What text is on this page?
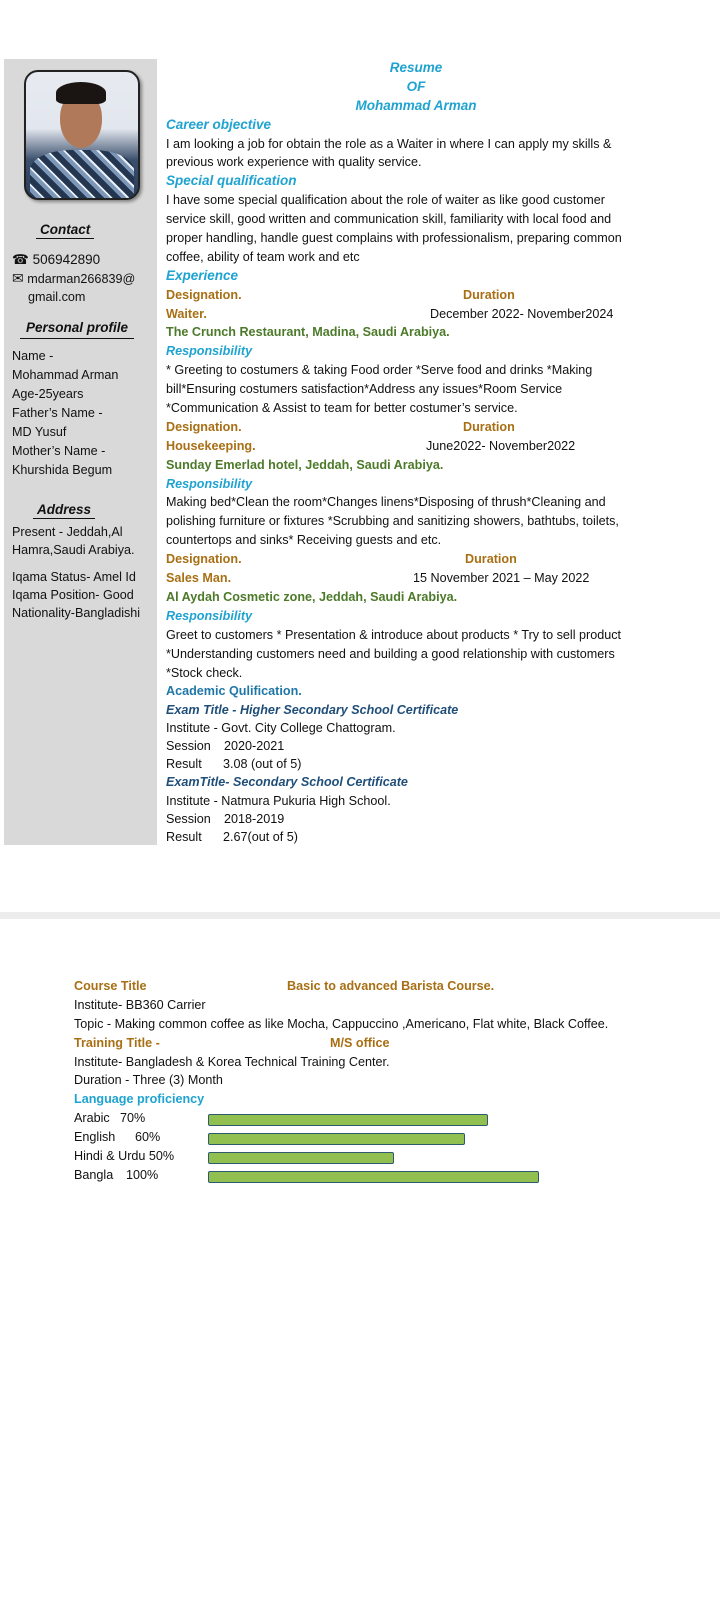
Contact
☎ 506942890
✉ mdarman266839@
gmail.com
Personal profile
Name -
Mohammad Arman
Age-25years
Father’s Name -
MD Yusuf
Mother’s Name -
Khurshida Begum
Address
Present - Jeddah,Al
Hamra,Saudi Arabiya.
Iqama Status- Amel Id
Iqama Position- Good
Nationality-Bangladishi
Resume
OF
Mohammad Arman
Career objective
I am looking a job for obtain the role as a Waiter in where I can apply my skills &
previous work experience with quality service.
Special qualification
I have some special qualification about the role of waiter as like good customer
service skill, good written and communication skill, familiarity with local food and
proper handling, handle guest complains with professionalism, preparing common
coffee, ability of team work and etc
Experience
Designation.	Duration
Waiter.	December 2022- November2024
The Crunch Restaurant, Madina, Saudi Arabiya.
Responsibility
* Greeting to costumers & taking Food order *Serve food and drinks *Making
bill*Ensuring costumers satisfaction*Address any issues*Room Service
*Communication & Assist to team for better costumer’s service.
Designation.	Duration
Housekeeping.	June2022- November2022
Sunday Emerlad hotel, Jeddah, Saudi Arabiya.
Responsibility
Making bed*Clean the room*Changes linens*Disposing of thrush*Cleaning and
polishing furniture or fixtures *Scrubbing and sanitizing showers, bathtubs, toilets,
countertops and sinks* Receiving guests and etc.
Designation.	Duration
Sales Man.	15 November 2021 – May 2022
Al Aydah Cosmetic zone, Jeddah, Saudi Arabiya.
Responsibility
Greet to customers * Presentation & introduce about products * Try to sell product
*Understanding customers need and building a good relationship with customers
*Stock check.
Academic Qulification.
Exam Title - Higher Secondary School Certificate
Institute - Govt. City College Chattogram.
Session 2020-2021
Result 3.08 (out of 5)
ExamTitle- Secondary School Certificate
Institute - Natmura Pukuria High School.
Session 2018-2019
Result 2.67(out of 5)
Course Title	Basic to advanced Barista Course.
Institute- BB360 Carrier
Topic - Making common coffee as like Mocha, Cappuccino ,Americano, Flat white, Black Coffee.
Training Title -	M/S office
Institute- Bangladesh & Korea Technical Training Center.
Duration - Three (3) Month
Language proficiency
Arabic 70%
English 60%
Hindi & Urdu 50%
Bangla 100%
